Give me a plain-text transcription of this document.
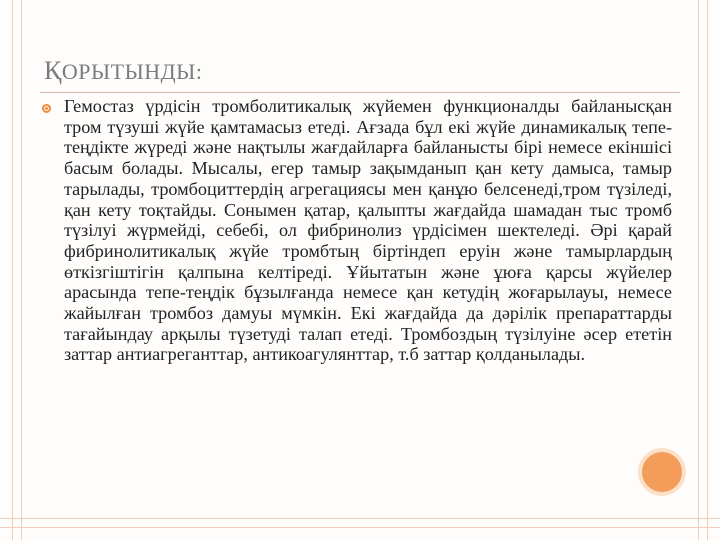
ҚОРЫТЫНДЫ:
Гемостаз үрдісін тромболитикалық жүйемен функционалды байланысқан тром түзуші жүйе қамтамасыз етеді. Ағзада бұл екі жүйе динамикалық тепе-теңдікте жүреді және нақтылы жағдайларға байланысты бірі немесе екіншісі басым болады. Мысалы, егер тамыр зақымданып қан кету дамыса, тамыр тарылады, тромбоциттердің агрегациясы мен қанұю белсенеді,тром түзіледі, қан кету тоқтайды. Сонымен қатар, қалыпты жағдайда шамадан тыс тромб түзілуі жүрмейді, себебі, ол фибринолиз үрдісімен шектеледі. Әрі қарай фибринолитикалық жүйе тромбтың біртіндеп еруін және тамырлардың өткізгіштігін қалпына келтіреді. Ұйытатын және ұюға қарсы жүйелер арасында тепе-теңдік бұзылғанда немесе қан кетудің жоғарылауы, немесе жайылған тромбоз дамуы мүмкін. Екі жағдайда да дәрілік препараттарды тағайындау арқылы түзетуді талап етеді. Тромбоздың түзілуіне әсер ететін заттар антиагреганттар, антикоагулянттар, т.б заттар қолданылады.
